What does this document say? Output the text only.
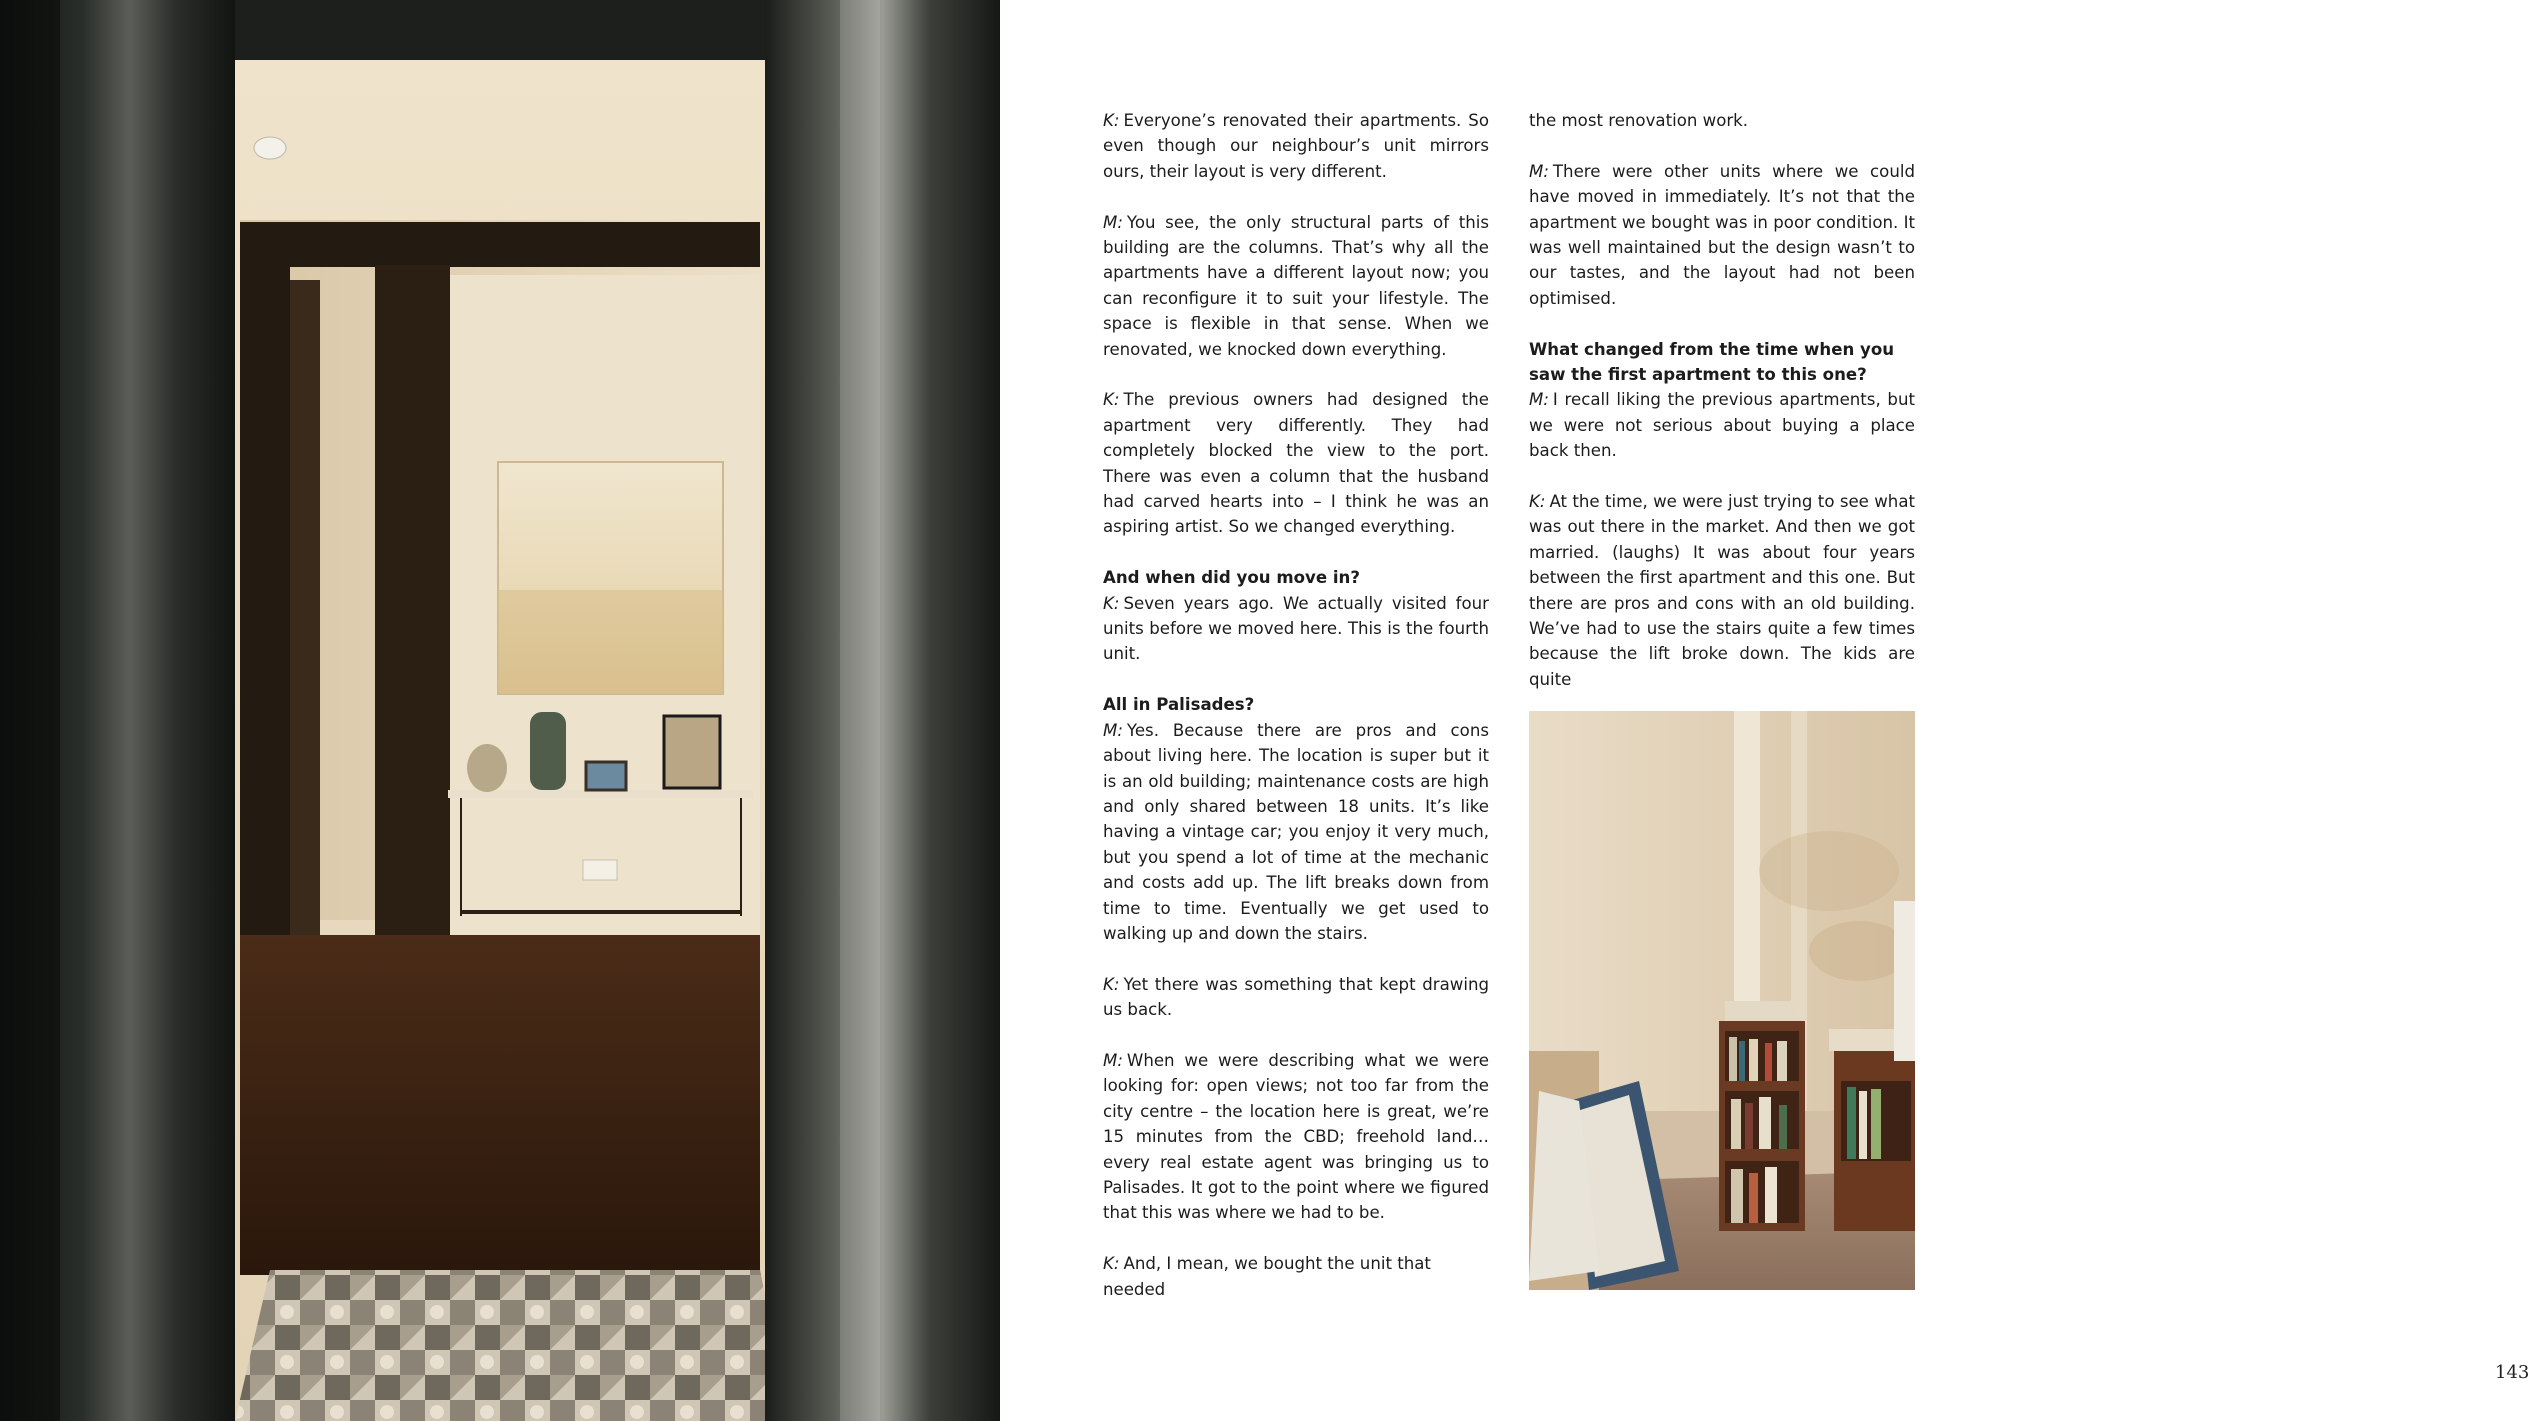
K: Everyone’s renovated their apartments. So even though our neighbour’s unit mirrors ours, their layout is very different.

M: You see, the only structural parts of this building are the columns. That’s why all the apartments have a different layout now; you can reconfigure it to suit your lifestyle. The space is flexible in that sense. When we renovated, we knocked down everything.

K: The previous owners had designed the apartment very differently. They had completely blocked the view to the port. There was even a column that the husband had carved hearts into – I think he was an aspiring artist. So we changed everything.

And when did you move in?

K: Seven years ago. We actually visited four units before we moved here. This is the fourth unit.

All in Palisades?

M: Yes. Because there are pros and cons about living here. The location is super but it is an old building; maintenance costs are high and only shared between 18 units. It’s like having a vintage car; you enjoy it very much, but you spend a lot of time at the mechanic and costs add up. The lift breaks down from time to time. Eventually we get used to walking up and down the stairs.

K: Yet there was something that kept drawing us back.

M: When we were describing what we were looking for: open views; not too far from the city centre – the location here is great, we’re 15 minutes from the CBD; freehold land… every real estate agent was bringing us to Palisades. It got to the point where we figured that this was where we had to be.

K: And, I mean, we bought the unit that needed

the most renovation work.

M: There were other units where we could have moved in immediately. It’s not that the apartment we bought was in poor condition. It was well maintained but the design wasn’t to our tastes, and the layout had not been optimised.

What changed from the time when you saw the first apartment to this one?

M: I recall liking the previous apartments, but we were not serious about buying a place back then.

K: At the time, we were just trying to see what was out there in the market. And then we got married. (laughs) It was about four years between the first apartment and this one. But there are pros and cons with an old building. We’ve had to use the stairs quite a few times because the lift broke down. The kids are quite

143
